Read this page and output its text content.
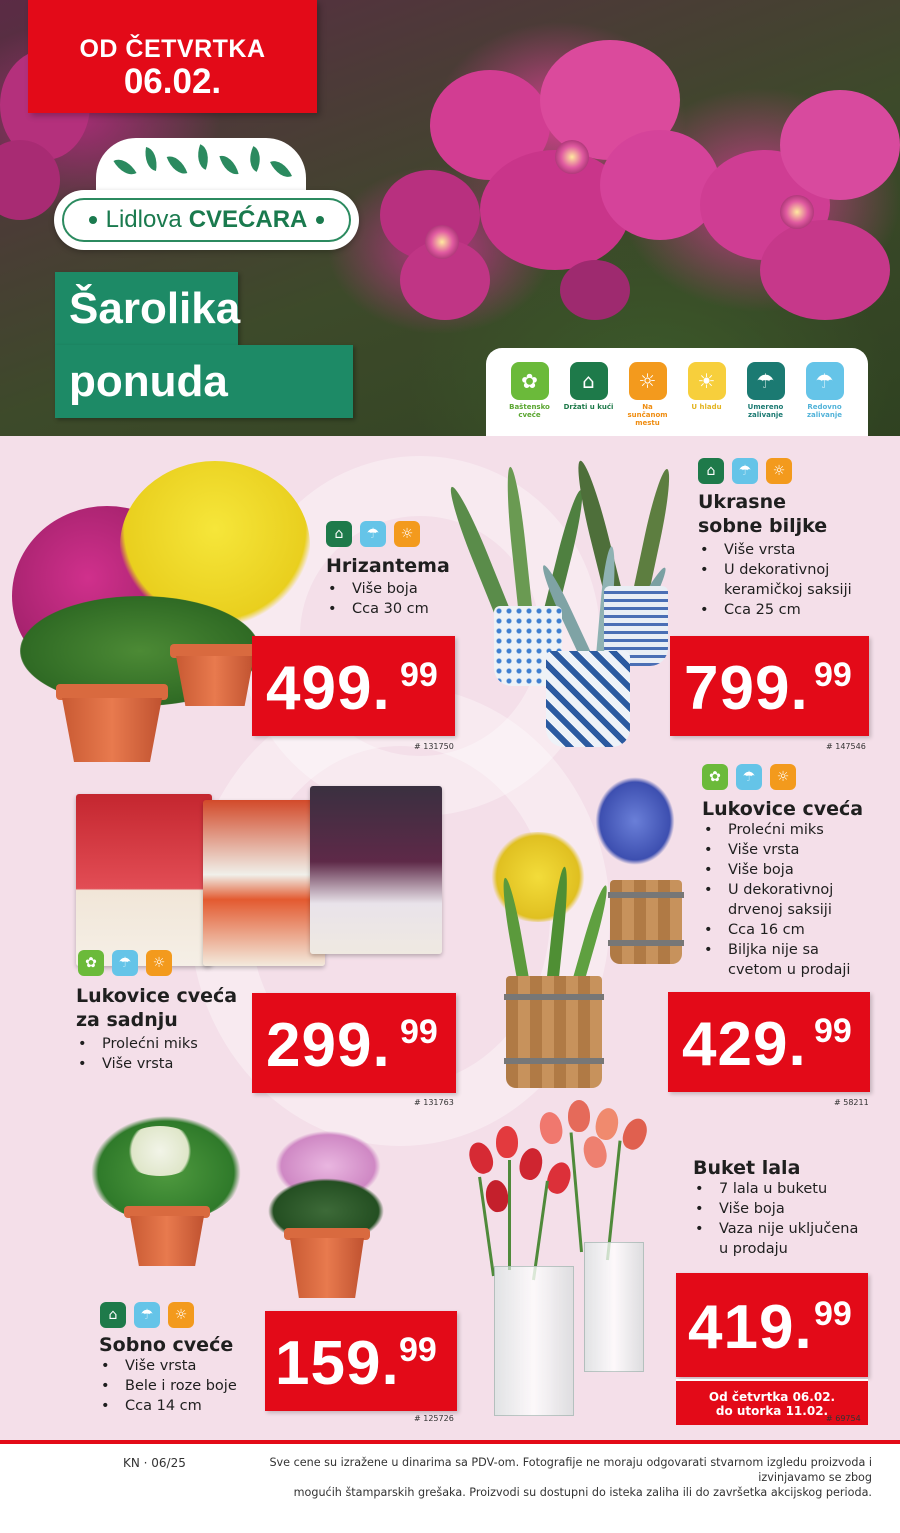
OD ČETVRTKA
06.02.
Lidlova CVEĆARA
Šarolika
ponuda	✿
Baštensko cveće
⌂
Držati u kući
☼
Na sunčanom mestu
☀
U hladu
☂
Umereno zalivanje
☂
Redovno zalivanje
⌂	☂	☼
Hrizantema
• Više boja
• Cca 30 cm
499. 99
# 131750
⌂	☂	☼
Ukrasne
sobne biljke
• Više vrsta
• U dekorativnoj
keramičkoj saksiji
• Cca 25 cm
799. 99
# 147546
✿	☂	☼
Lukovice cveća
za sadnju
• Prolećni miks
• Više vrsta	299. 99
# 131763
✿	☂	☼
Lukovice cveća
• Prolećni miks
• Više vrsta
• Više boja
• U dekorativnoj
drvenoj saksiji
• Cca 16 cm
• Biljka nije sa
cvetom u prodaji
429. 99
# 58211
⌂	☂	☼
Sobno cveće
• Više vrsta
• Bele i roze boje
• Cca 14 cm
159. 99
# 125726
Buket lala
• 7 lala u buketu
• Više boja
• Vaza nije uključena
u prodaju
419. 99
Od četvrtka 06.02.
do utorka 11.02.
# 69754
KN · 06/25	Sve cene su izražene u dinarima sa PDV-om. Fotografije ne moraju odgovarati stvarnom izgledu proizvoda i izvinjavamo se zbog
mogućih štamparskih grešaka. Proizvodi su dostupni do isteka zaliha ili do završetka akcijskog perioda.
